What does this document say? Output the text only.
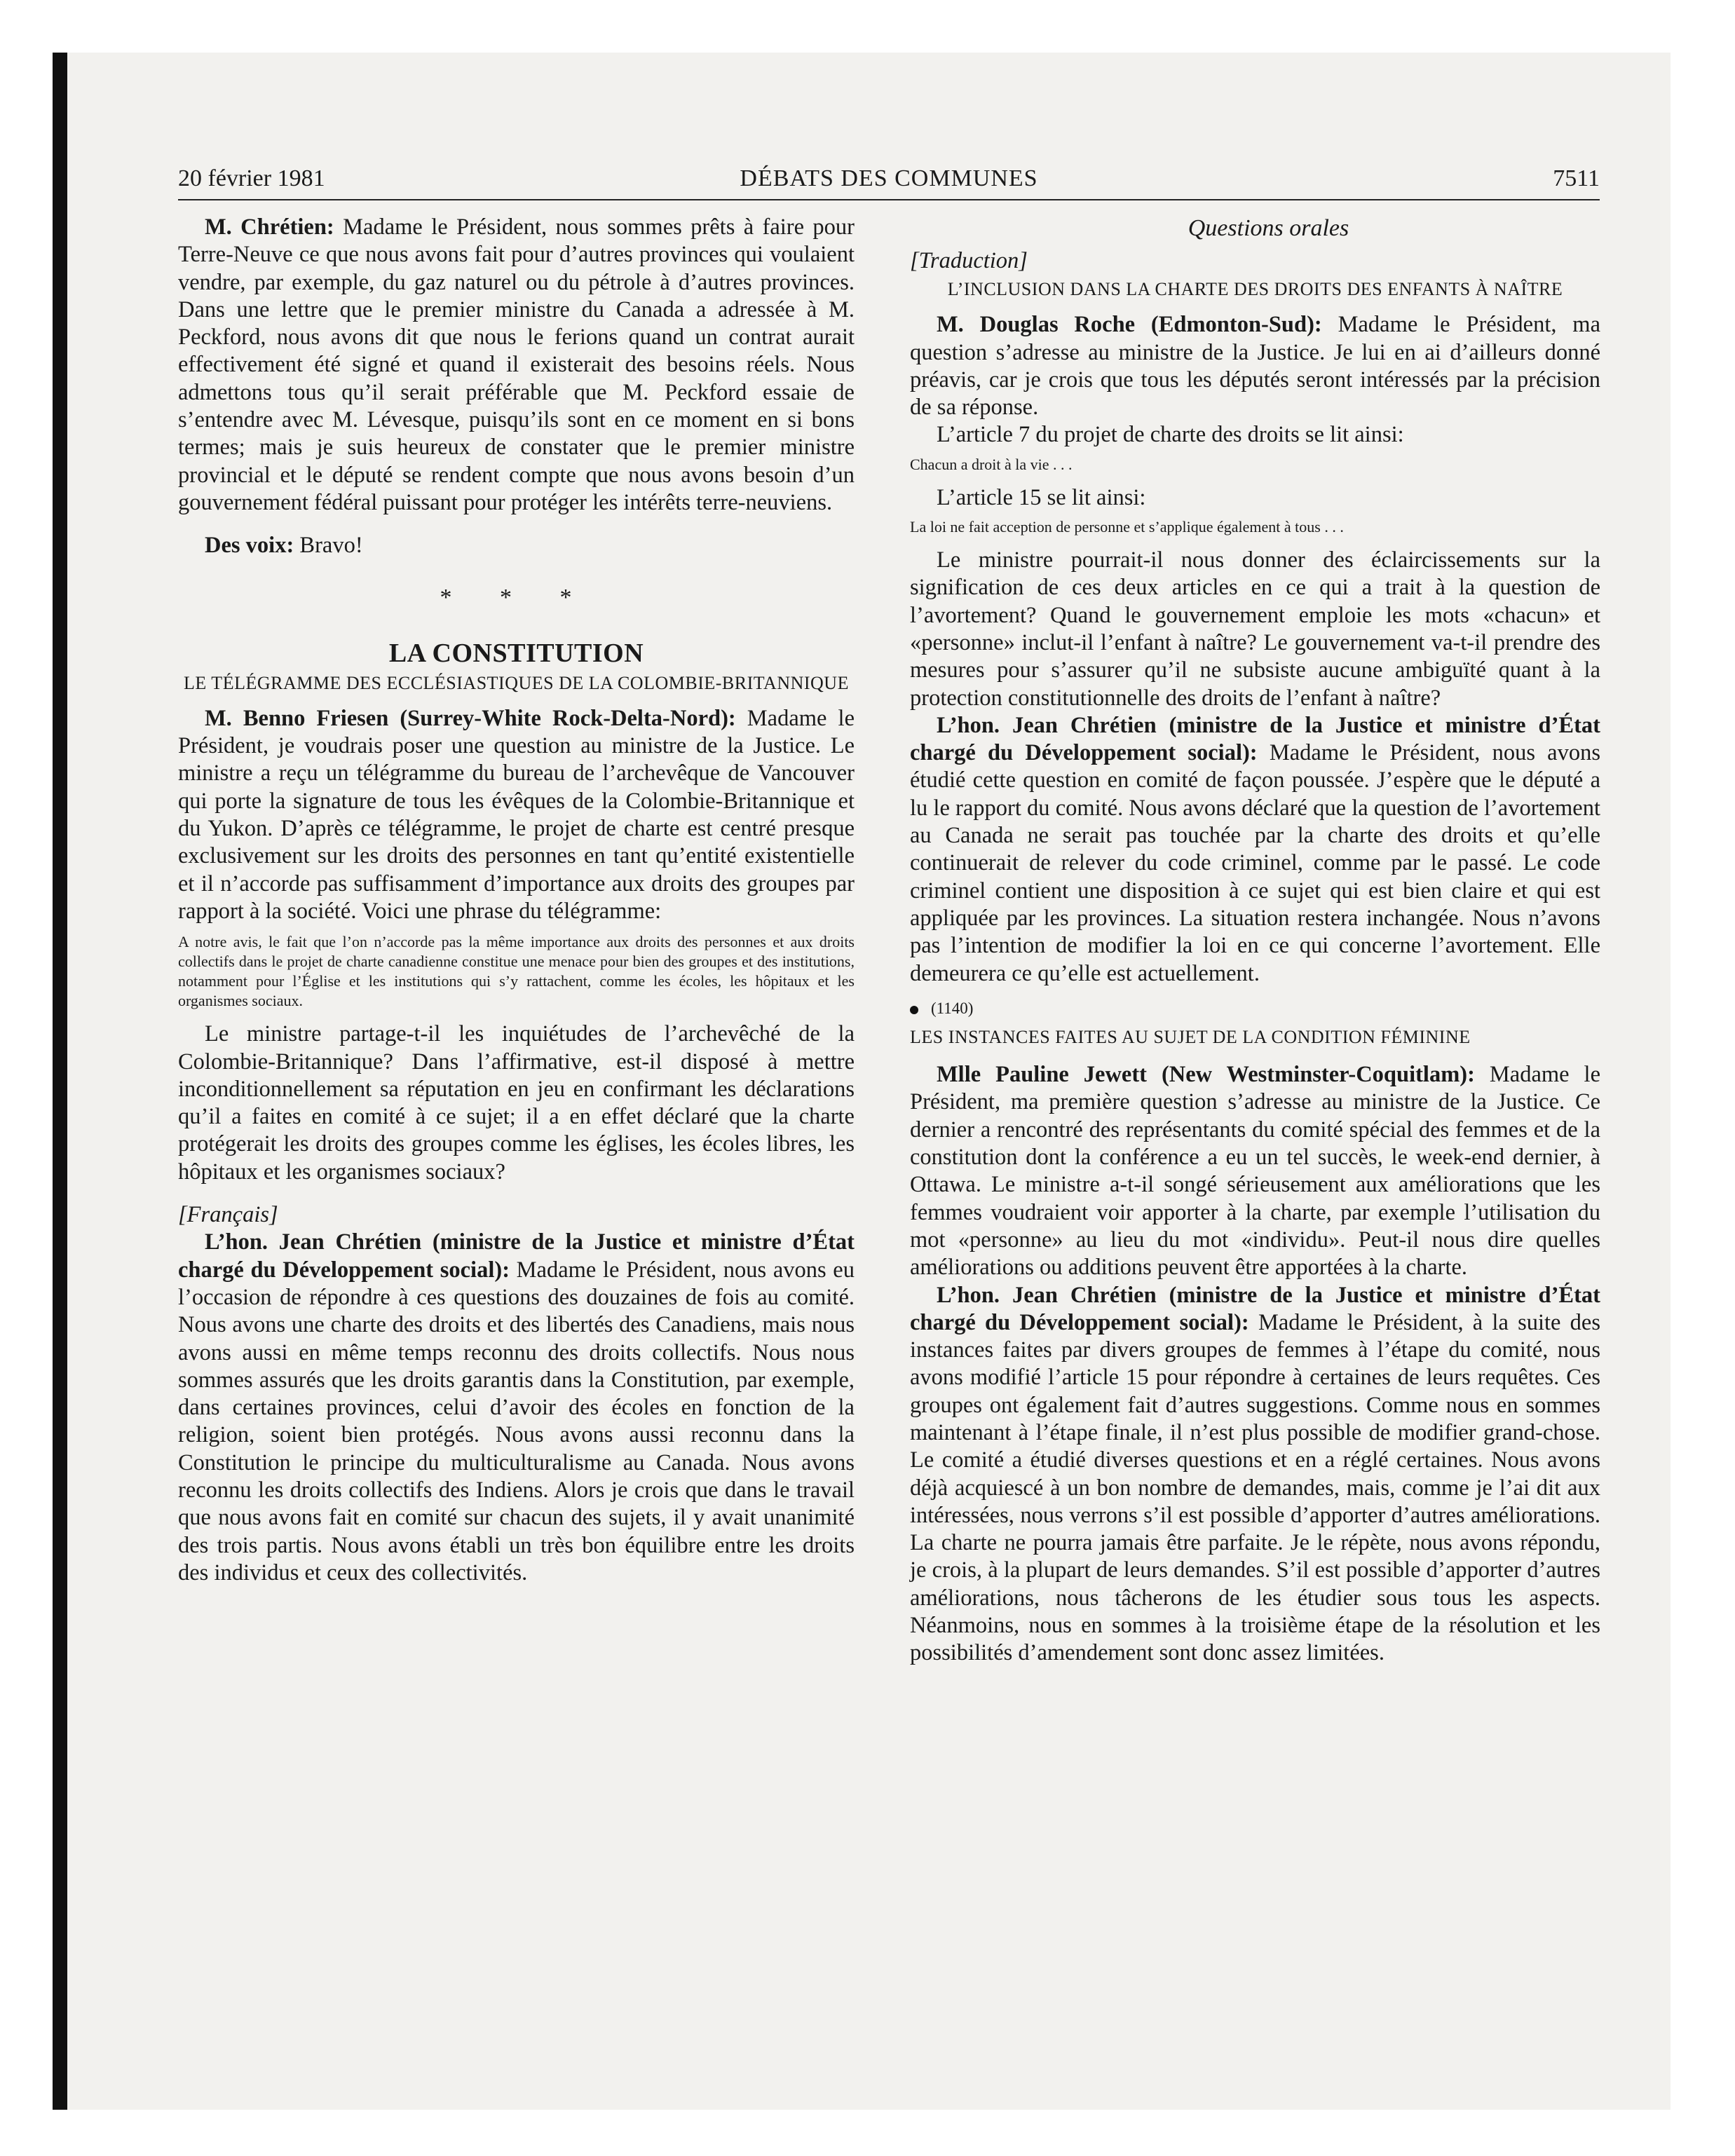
DÉBATS DES COMMUNES
20 février 1981	7511

M. Chrétien: Madame le Président, nous sommes prêts à faire pour Terre-Neuve ce que nous avons fait pour d’autres provinces qui voulaient vendre, par exemple, du gaz naturel ou du pétrole à d’autres provinces. Dans une lettre que le premier ministre du Canada a adressée à M. Peckford, nous avons dit que nous le ferions quand un contrat aurait effectivement été signé et quand il existerait des besoins réels. Nous admettons tous qu’il serait préférable que M. Peckford essaie de s’entendre avec M. Lévesque, puisqu’ils sont en ce moment en si bons termes; mais je suis heureux de constater que le premier ministre provincial et le député se rendent compte que nous avons besoin d’un gouvernement fédéral puissant pour protéger les intérêts terre-neuviens.

Des voix: Bravo!

* * *

LA CONSTITUTION

LE TÉLÉGRAMME DES ECCLÉSIASTIQUES DE LA COLOMBIE-BRITANNIQUE

M. Benno Friesen (Surrey-White Rock-Delta-Nord): Madame le Président, je voudrais poser une question au ministre de la Justice. Le ministre a reçu un télégramme du bureau de l’archevêque de Vancouver qui porte la signature de tous les évêques de la Colombie-Britannique et du Yukon. D’après ce télégramme, le projet de charte est centré presque exclusivement sur les droits des personnes en tant qu’entité existentielle et il n’accorde pas suffisamment d’importance aux droits des groupes par rapport à la société. Voici une phrase du télégramme:

A notre avis, le fait que l’on n’accorde pas la même importance aux droits des personnes et aux droits collectifs dans le projet de charte canadienne constitue une menace pour bien des groupes et des institutions, notamment pour l’Église et les institutions qui s’y rattachent, comme les écoles, les hôpitaux et les organismes sociaux.

Le ministre partage-t-il les inquiétudes de l’archevêché de la Colombie-Britannique? Dans l’affirmative, est-il disposé à mettre inconditionnellement sa réputation en jeu en confirmant les déclarations qu’il a faites en comité à ce sujet; il a en effet déclaré que la charte protégerait les droits des groupes comme les églises, les écoles libres, les hôpitaux et les organismes sociaux?

[Français]

L’hon. Jean Chrétien (ministre de la Justice et ministre d’État chargé du Développement social): Madame le Président, nous avons eu l’occasion de répondre à ces questions des douzaines de fois au comité. Nous avons une charte des droits et des libertés des Canadiens, mais nous avons aussi en même temps reconnu des droits collectifs. Nous nous sommes assurés que les droits garantis dans la Constitution, par exemple, dans certaines provinces, celui d’avoir des écoles en fonction de la religion, soient bien protégés. Nous avons aussi reconnu dans la Constitution le principe du multiculturalisme au Canada. Nous avons reconnu les droits collectifs des Indiens. Alors je crois que dans le travail que nous avons fait en comité sur chacun des sujets, il y avait unanimité des trois partis. Nous avons établi un très bon équilibre entre les droits des individus et ceux des collectivités.

Questions orales

[Traduction]

L’INCLUSION DANS LA CHARTE DES DROITS DES ENFANTS À NAÎTRE

M. Douglas Roche (Edmonton-Sud): Madame le Président, ma question s’adresse au ministre de la Justice. Je lui en ai d’ailleurs donné préavis, car je crois que tous les députés seront intéressés par la précision de sa réponse.

L’article 7 du projet de charte des droits se lit ainsi:

Chacun a droit à la vie . . .

L’article 15 se lit ainsi:

La loi ne fait acception de personne et s’applique également à tous . . .

Le ministre pourrait-il nous donner des éclaircissements sur la signification de ces deux articles en ce qui a trait à la question de l’avortement? Quand le gouvernement emploie les mots «chacun» et «personne» inclut-il l’enfant à naître? Le gouvernement va-t-il prendre des mesures pour s’assurer qu’il ne subsiste aucune ambiguïté quant à la protection constitutionnelle des droits de l’enfant à naître?

L’hon. Jean Chrétien (ministre de la Justice et ministre d’État chargé du Développement social): Madame le Président, nous avons étudié cette question en comité de façon poussée. J’espère que le député a lu le rapport du comité. Nous avons déclaré que la question de l’avortement au Canada ne serait pas touchée par la charte des droits et qu’elle continuerait de relever du code criminel, comme par le passé. Le code criminel contient une disposition à ce sujet qui est bien claire et qui est appliquée par les provinces. La situation restera inchangée. Nous n’avons pas l’intention de modifier la loi en ce qui concerne l’avortement. Elle demeurera ce qu’elle est actuellement.

(1140)

LES INSTANCES FAITES AU SUJET DE LA CONDITION FÉMININE

Mlle Pauline Jewett (New Westminster-Coquitlam): Madame le Président, ma première question s’adresse au ministre de la Justice. Ce dernier a rencontré des représentants du comité spécial des femmes et de la constitution dont la conférence a eu un tel succès, le week-end dernier, à Ottawa. Le ministre a-t-il songé sérieusement aux améliorations que les femmes voudraient voir apporter à la charte, par exemple l’utilisation du mot «personne» au lieu du mot «individu». Peut-il nous dire quelles améliorations ou additions peuvent être apportées à la charte.

L’hon. Jean Chrétien (ministre de la Justice et ministre d’État chargé du Développement social): Madame le Président, à la suite des instances faites par divers groupes de femmes à l’étape du comité, nous avons modifié l’article 15 pour répondre à certaines de leurs requêtes. Ces groupes ont également fait d’autres suggestions. Comme nous en sommes maintenant à l’étape finale, il n’est plus possible de modifier grand-chose. Le comité a étudié diverses questions et en a réglé certaines. Nous avons déjà acquiescé à un bon nombre de demandes, mais, comme je l’ai dit aux intéressées, nous verrons s’il est possible d’apporter d’autres améliorations. La charte ne pourra jamais être parfaite. Je le répète, nous avons répondu, je crois, à la plupart de leurs demandes. S’il est possible d’apporter d’autres améliorations, nous tâcherons de les étudier sous tous les aspects. Néanmoins, nous en sommes à la troisième étape de la résolution et les possibilités d’amendement sont donc assez limitées.
